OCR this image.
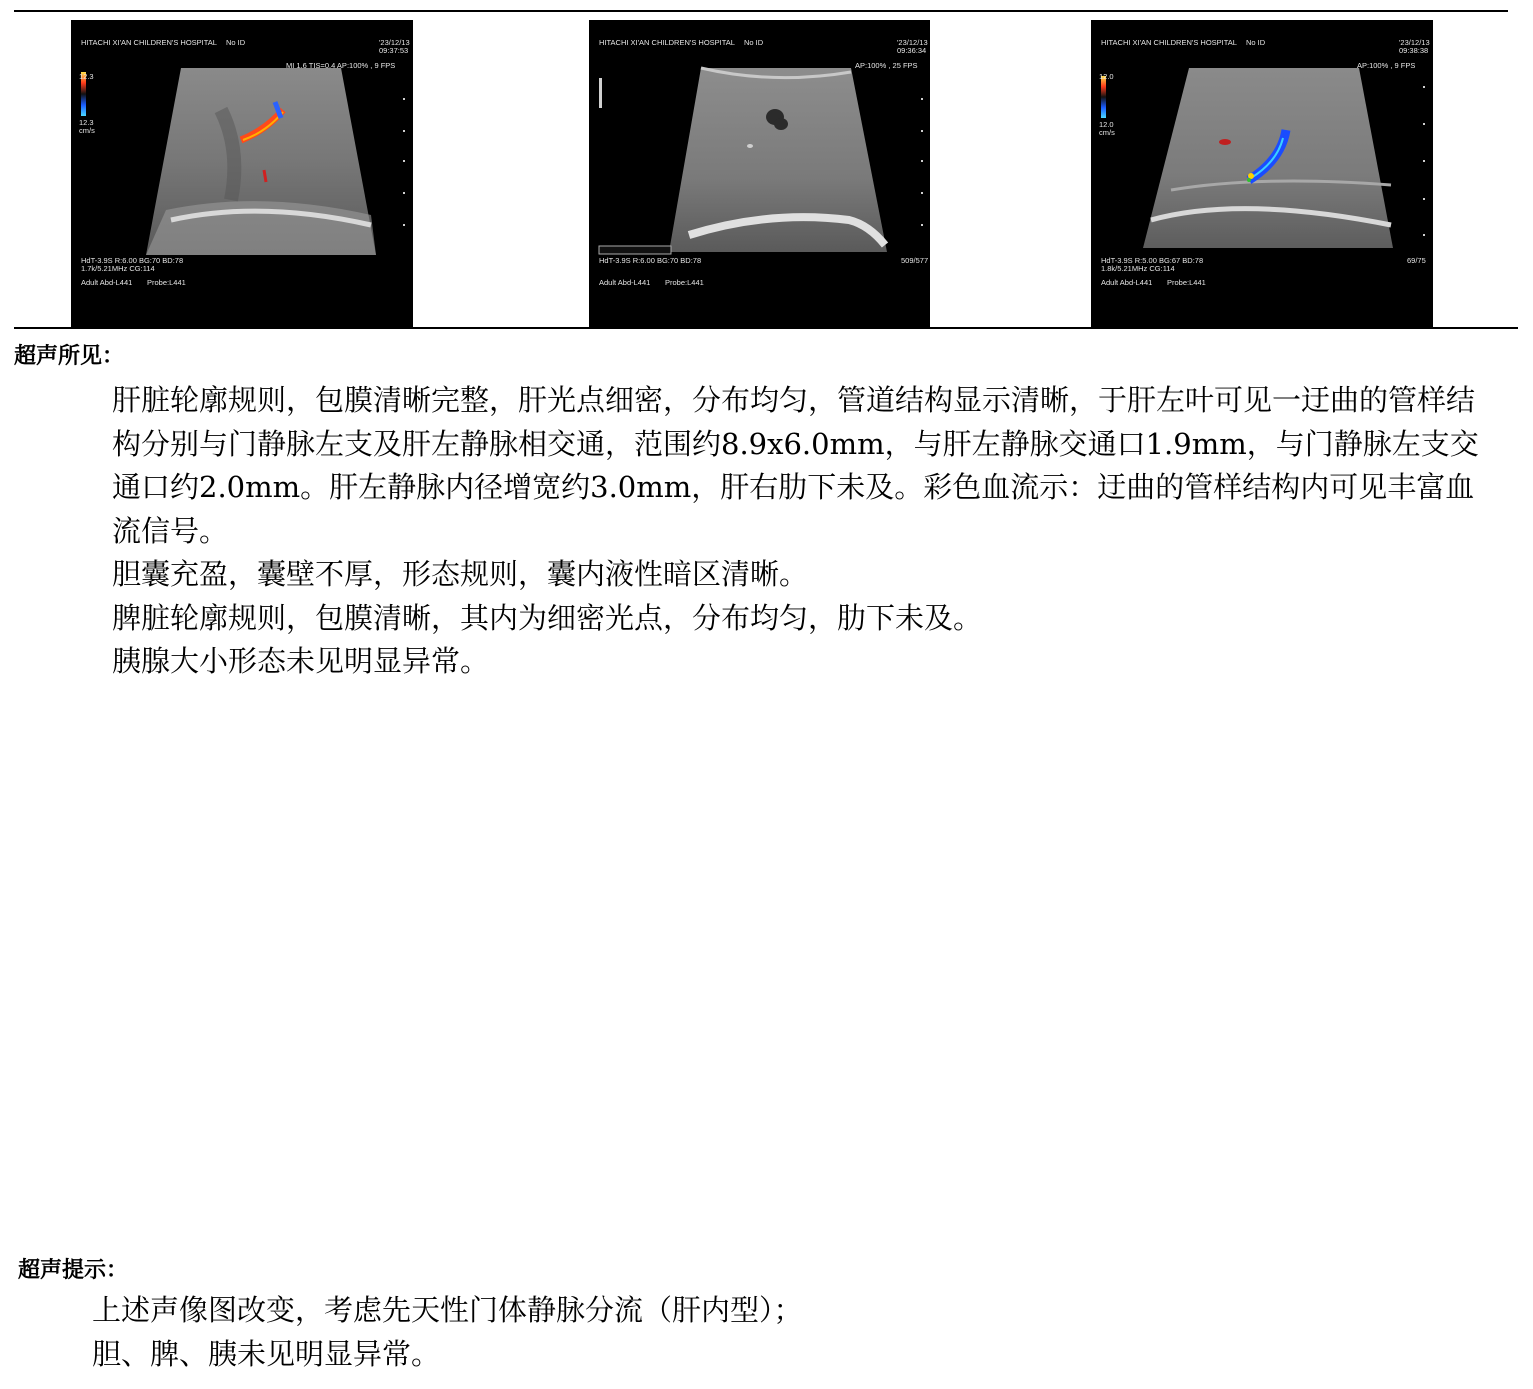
HITACHI XI'AN CHILDREN'S HOSPITAL No ID	'23/12/13
09:37:53
MI 1.6 TIS=0.4 AP:100% , 9 FPS
12.3
12.3
cm/s
HdT-3.9S R:6.00 BG:70 BD:78
1.7k/5.21MHz CG:114
Adult Abd-L441 Probe:L441
HITACHI XI'AN CHILDREN'S HOSPITAL No ID	'23/12/13
09:36:34
AP:100% , 25 FPS
HdT-3.9S R:6.00 BG:70 BD:78
Adult Abd-L441 Probe:L441
509/577
HITACHI XI'AN CHILDREN'S HOSPITAL No ID	'23/12/13
09:38:38
AP:100% , 9 FPS
12.0
12.0
cm/s
HdT-3.9S R:5.00 BG:67 BD:78
1.8k/5.21MHz CG:114
Adult Abd-L441 Probe:L441
69/75
超声所见：

肝脏轮廓规则，包膜清晰完整，肝光点细密，分布均匀，管道结构显示清晰，于肝左叶可见一迂曲的管样结构分别与门静脉左支及肝左静脉相交通，范围约8.9x6.0mm，与肝左静脉交通口1.9mm，与门静脉左支交通口约2.0mm。肝左静脉内径增宽约3.0mm，肝右肋下未及。彩色血流示：迂曲的管样结构内可见丰富血流信号。

胆囊充盈，囊壁不厚，形态规则，囊内液性暗区清晰。

脾脏轮廓规则，包膜清晰，其内为细密光点，分布均匀，肋下未及。

胰腺大小形态未见明显异常。

超声提示：

上述声像图改变，考虑先天性门体静脉分流（肝内型）；

胆、脾、胰未见明显异常。
